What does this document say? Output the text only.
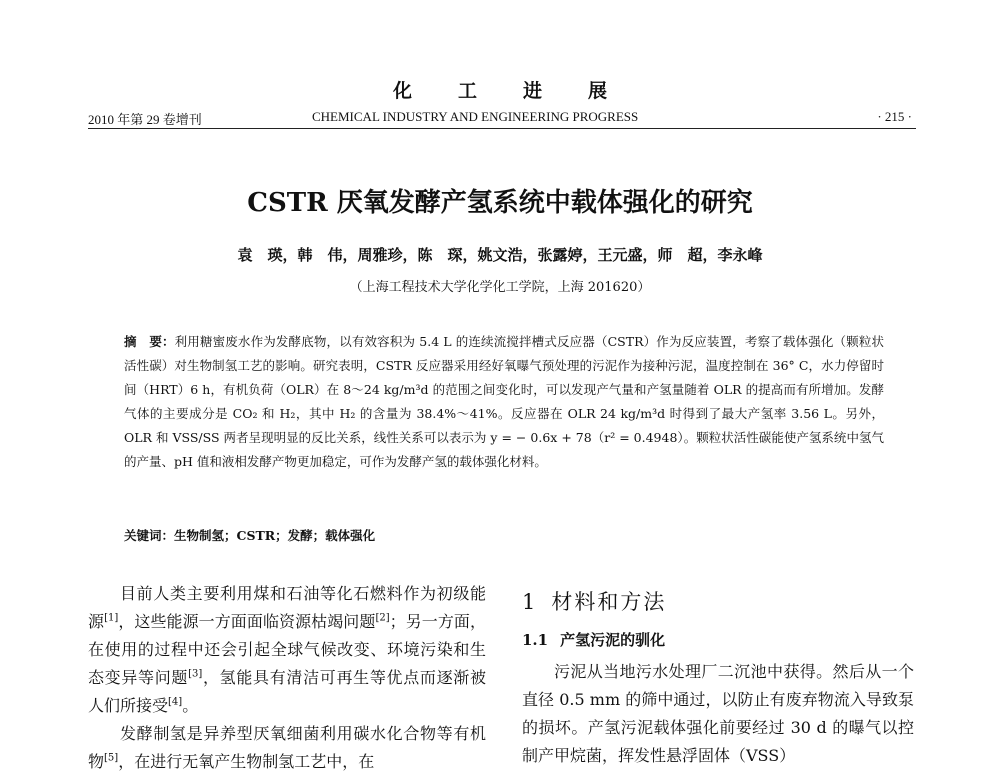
化工进展
2010 年第 29 卷增刊	CHEMICAL INDUSTRY AND ENGINEERING PROGRESS	· 215 ·
CSTR 厌氧发酵产氢系统中载体强化的研究
袁　瑛，韩　伟，周雅珍，陈　琛，姚文浩，张露婷，王元盛，师　超，李永峰
（上海工程技术大学化学化工学院，上海 201620）
摘　要：利用糖蜜废水作为发酵底物，以有效容积为 5.4 L 的连续流搅拌槽式反应器（CSTR）作为反应装置，考察了载体强化（颗粒状活性碳）对生物制氢工艺的影响。研究表明，CSTR 反应器采用经好氧曝气预处理的污泥作为接种污泥，温度控制在 36° C，水力停留时间（HRT）6 h，有机负荷（OLR）在 8～24 kg/m³d 的范围之间变化时，可以发现产气量和产氢量随着 OLR 的提高而有所增加。发酵气体的主要成分是 CO₂ 和 H₂，其中 H₂ 的含量为 38.4%～41%。反应器在 OLR 24 kg/m³d 时得到了最大产氢率 3.56 L。另外，OLR 和 VSS/SS 两者呈现明显的反比关系，线性关系可以表示为 y = − 0.6x + 78（r² = 0.4948）。颗粒状活性碳能使产氢系统中氢气的产量、pH 值和液相发酵产物更加稳定，可作为发酵产氢的载体强化材料。
关键词：生物制氢；CSTR；发酵；载体强化

目前人类主要利用煤和石油等化石燃料作为初级能源[1]，这些能源一方面面临资源枯竭问题[2]；另一方面，在使用的过程中还会引起全球气候改变、环境污染和生态变异等问题[3]，氢能具有清洁可再生等优点而逐渐被人们所接受[4]。

发酵制氢是异养型厌氧细菌利用碳水化合物等有机物[5]，在进行无氧产生物制氢工艺中，在

1 材料和方法
1.1 产氢污泥的驯化

污泥从当地污水处理厂二沉池中获得。然后从一个直径 0.5 mm 的筛中通过，以防止有废弃物流入导致泵的损坏。产氢污泥载体强化前要经过 30 d 的曝气以控制产甲烷菌，挥发性悬浮固体（VSS）
